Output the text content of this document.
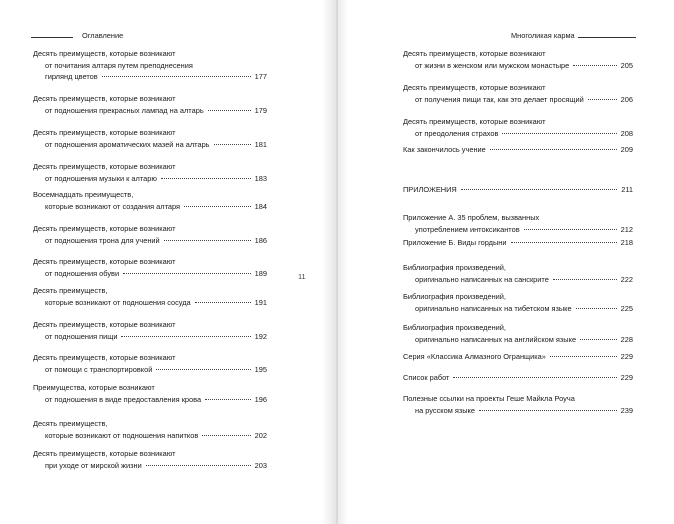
Оглавление
Десять преимуществ, которые возникают
от почитания алтаря путем преподнесения
гирлянд цветов	177
Десять преимуществ, которые возникают
от подношения прекрасных лампад на алтарь	179
Десять преимуществ, которые возникают
от подношения ароматических мазей на алтарь	181
Десять преимуществ, которые возникают
от подношения музыки к алтарю	183
Восемнадцать преимуществ,
которые возникают от создания алтаря	184
Десять преимуществ, которые возникают
от подношения трона для учений	186
Десять преимуществ, которые возникают
от подношения обуви	189
Десять преимуществ,
которые возникают от подношения сосуда	191
Десять преимуществ, которые возникают
от подношения пищи	192
Десять преимуществ, которые возникают
от помощи с транспортировкой	195
Преимущества, которые возникают
от подношения в виде предоставления крова	196
Десять преимуществ,
которые возникают от подношения напитков	202
Десять преимуществ, которые возникают
при уходе от мирской жизни	203
11
Многоликая карма
Десять преимуществ, которые возникают
от жизни в женском или мужском монастыре	205
Десять преимуществ, которые возникают
от получения пищи так, как это делает просящий	206
Десять преимуществ, которые возникают
от преодоления страхов	208
Как закончилось учение	209
ПРИЛОЖЕНИЯ	211
Приложение А. 35 проблем, вызванных
употреблением интоксикантов	212
Приложение Б. Виды гордыни	218
Библиография произведений,
оригинально написанных на санскрите	222
Библиография произведений,
оригинально написанных на тибетском языке	225
Библиография произведений,
оригинально написанных на английском языке	228
Серия «Классика Алмазного Огранщика»	229
Список работ	229
Полезные ссылки на проекты Геше Майкла Роуча
на русском языке	239
